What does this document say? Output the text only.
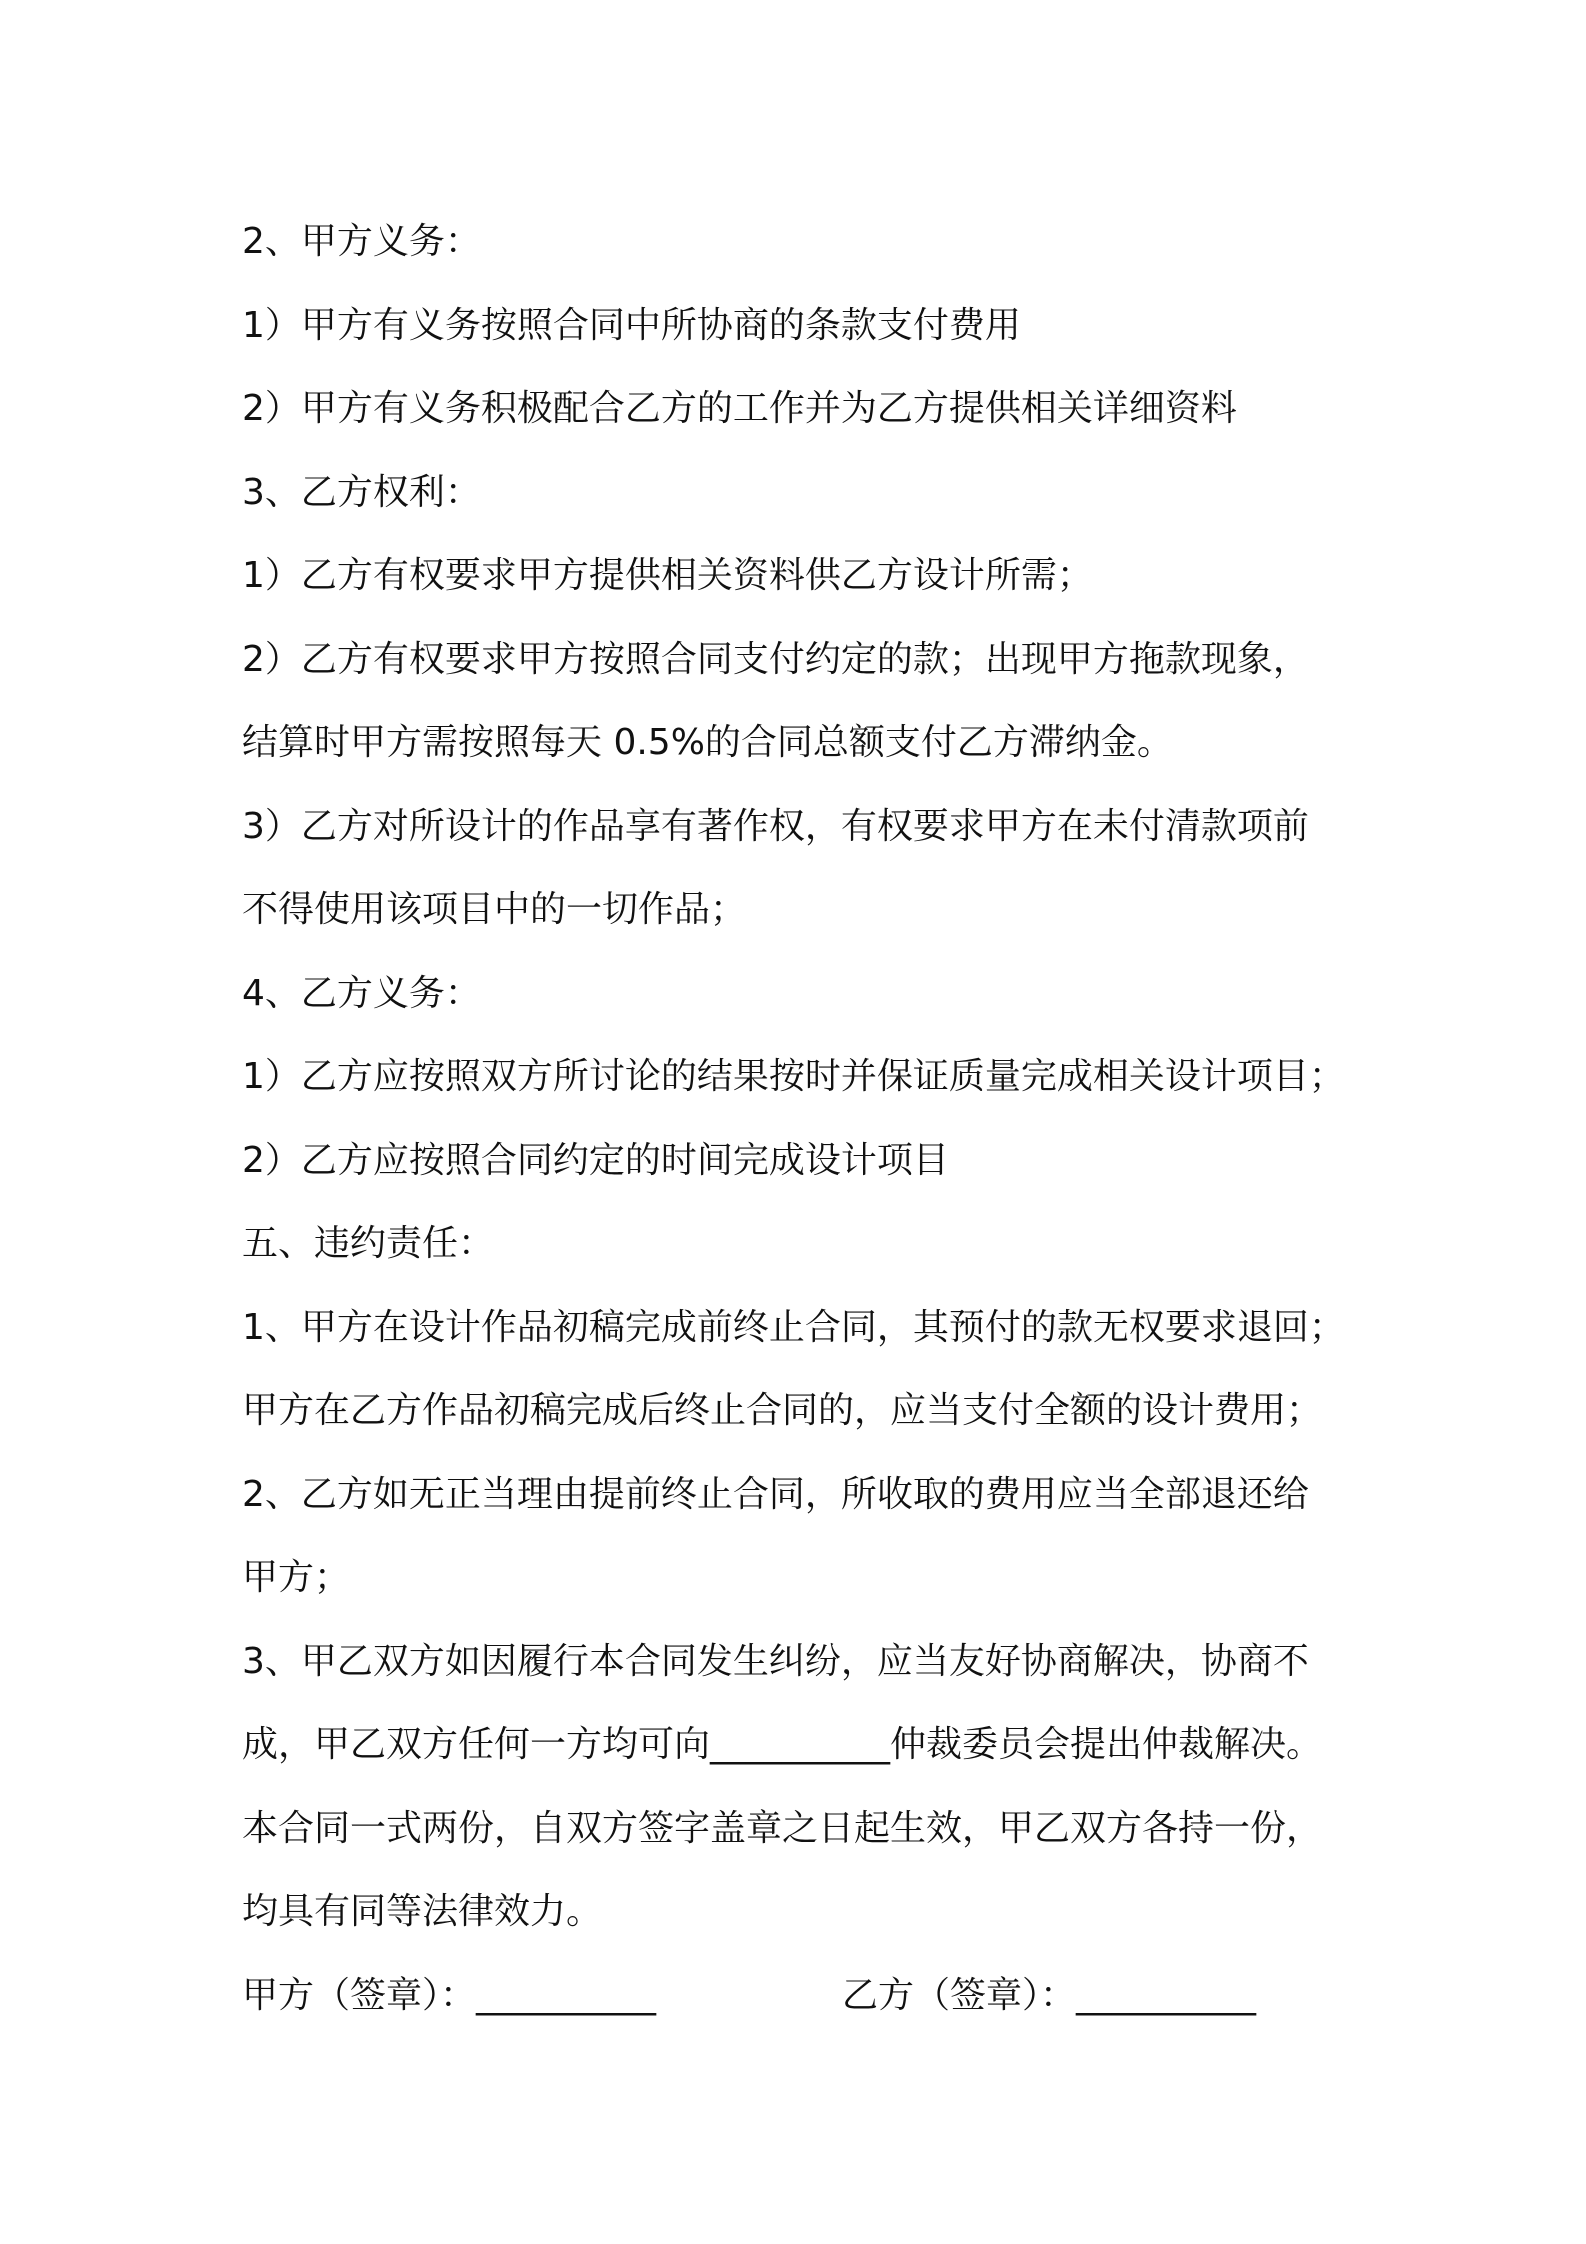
2、甲方义务：
1）甲方有义务按照合同中所协商的条款支付费用
2）甲方有义务积极配合乙方的工作并为乙方提供相关详细资料
3、乙方权利：
1）乙方有权要求甲方提供相关资料供乙方设计所需；
2）乙方有权要求甲方按照合同支付约定的款；出现甲方拖款现象，
结算时甲方需按照每天 0.5%的合同总额支付乙方滞纳金。
3）乙方对所设计的作品享有著作权，有权要求甲方在未付清款项前
不得使用该项目中的一切作品；
4、乙方义务：
1）乙方应按照双方所讨论的结果按时并保证质量完成相关设计项目；
2）乙方应按照合同约定的时间完成设计项目
五、违约责任：
1、甲方在设计作品初稿完成前终止合同，其预付的款无权要求退回；
甲方在乙方作品初稿完成后终止合同的，应当支付全额的设计费用；
2、乙方如无正当理由提前终止合同，所收取的费用应当全部退还给
甲方；
3、甲乙双方如因履行本合同发生纠纷，应当友好协商解决，协商不
成，甲乙双方任何一方均可向__________仲裁委员会提出仲裁解决。
本合同一式两份，自双方签字盖章之日起生效，甲乙双方各持一份，
均具有同等法律效力。
甲方（签章）：__________	乙方（签章）：__________
